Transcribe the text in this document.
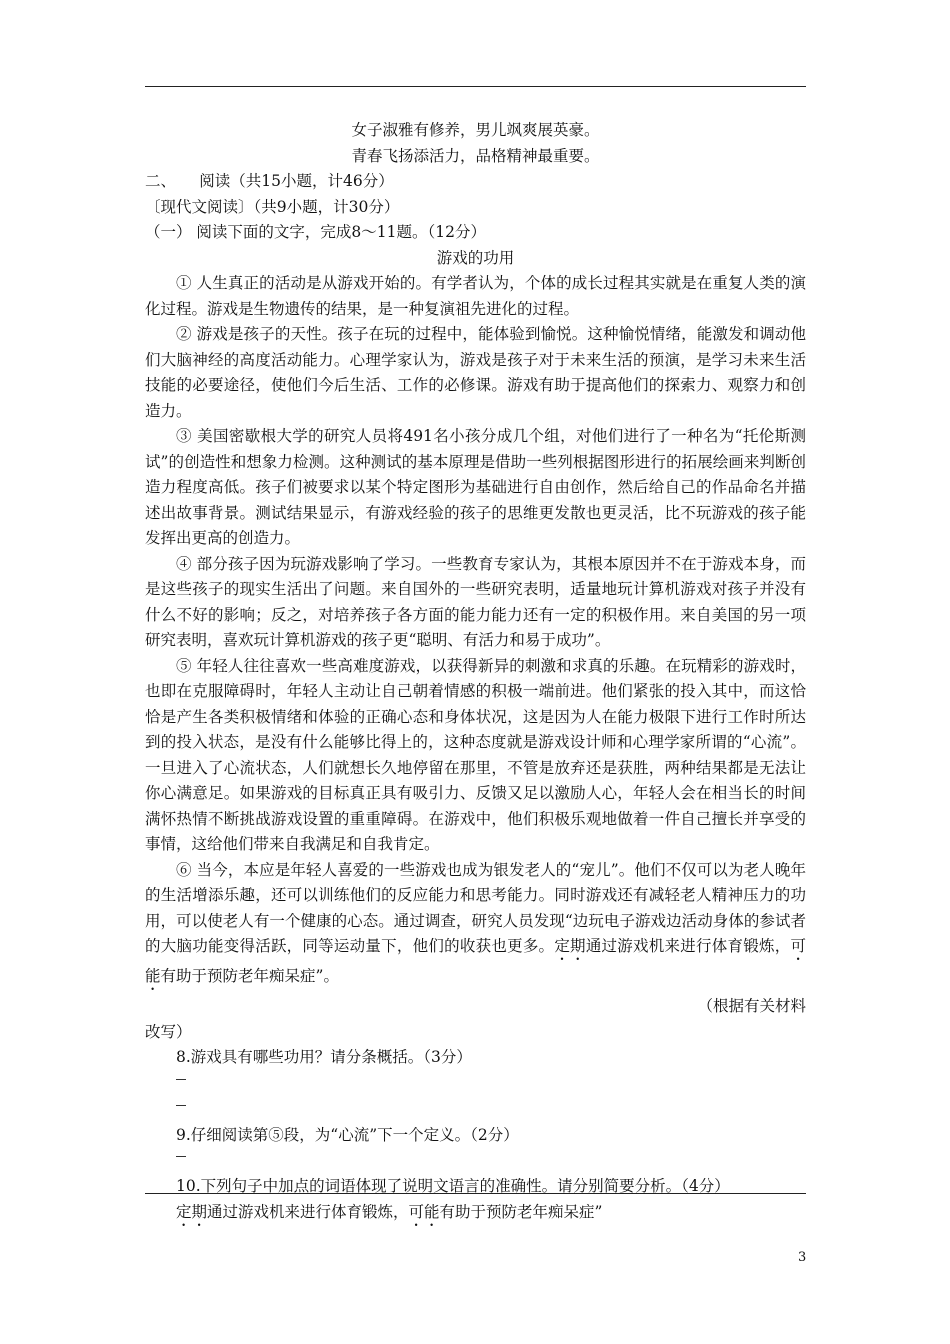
女子淑雅有修养，男儿飒爽展英豪。
青春飞扬添活力，品格精神最重要。
二、　　阅读（共15小题，计46分）
〔现代文阅读〕（共9小题，计30分）
（一） 阅读下面的文字，完成8～11题。（12分）
游戏的功用

① 人生真正的活动是从游戏开始的。有学者认为，个体的成长过程其实就是在重复人类的演化过程。游戏是生物遗传的结果，是一种复演祖先进化的过程。

② 游戏是孩子的天性。孩子在玩的过程中，能体验到愉悦。这种愉悦情绪，能激发和调动他们大脑神经的高度活动能力。心理学家认为，游戏是孩子对于未来生活的预演，是学习未来生活技能的必要途径，使他们今后生活、工作的必修课。游戏有助于提高他们的探索力、观察力和创造力。

③ 美国密歇根大学的研究人员将491名小孩分成几个组，对他们进行了一种名为“托伦斯测试”的创造性和想象力检测。这种测试的基本原理是借助一些列根据图形进行的拓展绘画来判断创造力程度高低。孩子们被要求以某个特定图形为基础进行自由创作，然后给自己的作品命名并描述出故事背景。测试结果显示，有游戏经验的孩子的思维更发散也更灵活，比不玩游戏的孩子能发挥出更高的创造力。

④ 部分孩子因为玩游戏影响了学习。一些教育专家认为，其根本原因并不在于游戏本身，而是这些孩子的现实生活出了问题。来自国外的一些研究表明，适量地玩计算机游戏对孩子并没有什么不好的影响；反之，对培养孩子各方面的能力能力还有一定的积极作用。来自美国的另一项研究表明，喜欢玩计算机游戏的孩子更“聪明、有活力和易于成功”。

⑤ 年轻人往往喜欢一些高难度游戏，以获得新异的刺激和求真的乐趣。在玩精彩的游戏时，也即在克服障碍时，年轻人主动让自己朝着情感的积极一端前进。他们紧张的投入其中，而这恰恰是产生各类积极情绪和体验的正确心态和身体状况，这是因为人在能力极限下进行工作时所达到的投入状态，是没有什么能够比得上的，这种态度就是游戏设计师和心理学家所谓的“心流”。一旦进入了心流状态，人们就想长久地停留在那里，不管是放弃还是获胜，两种结果都是无法让你心满意足。如果游戏的目标真正具有吸引力、反馈又足以激励人心，年轻人会在相当长的时间满怀热情不断挑战游戏设置的重重障碍。在游戏中，他们积极乐观地做着一件自己擅长并享受的事情，这给他们带来自我满足和自我肯定。

⑥ 当今，本应是年轻人喜爱的一些游戏也成为银发老人的“宠儿”。他们不仅可以为老人晚年的生活增添乐趣，还可以训练他们的反应能力和思考能力。同时游戏还有减轻老人精神压力的功用，可以使老人有一个健康的心态。通过调查，研究人员发现“边玩电子游戏边活动身体的参试者的大脑功能变得活跃，同等运动量下，他们的收获也更多。定期通过游戏机来进行体育锻炼，可能有助于预防老年痴呆症”。

（根据有关材料
改写）
8.游戏具有哪些功用？请分条概括。（3分）
9.仔细阅读第⑤段，为“心流”下一个定义。（2分）
10.下列句子中加点的词语体现了说明文语言的准确性。请分别简要分析。（4分）
定期通过游戏机来进行体育锻炼，可能有助于预防老年痴呆症”
3
